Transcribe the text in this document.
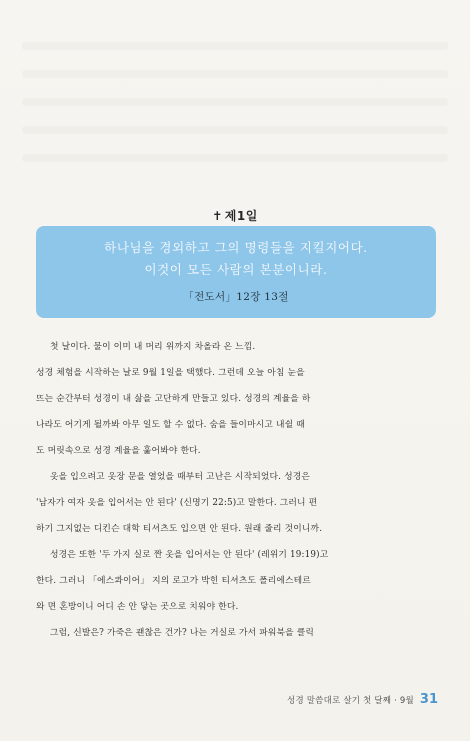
✝ 제1일
하나님을 경외하고 그의 명령들을 지킬지어다.
이것이 모든 사람의 본분이니라.
「전도서」12장 13절
첫 날이다. 물이 이미 내 머리 위까지 차올라 온 느낌.
성경 체험을 시작하는 날로 9월 1일을 택했다. 그런데 오늘 아침 눈을
뜨는 순간부터 성경이 내 삶을 고단하게 만들고 있다. 성경의 계율을 하
나라도 어기게 될까봐 아무 일도 할 수 없다. 숨을 들이마시고 내쉴 때
도 머릿속으로 성경 계율을 훑어봐야 한다.
옷을 입으려고 옷장 문을 열었을 때부터 고난은 시작되었다. 성경은
'남자가 여자 옷을 입어서는 안 된다' (신명기 22:5)고 말한다. 그러니 편
하기 그지없는 디킨슨 대학 티셔츠도 입으면 안 된다. 원래 줄리 것이니까.
성경은 또한 '두 가지 실로 짠 옷을 입어서는 안 된다' (레위기 19:19)고
한다. 그러니 「에스콰이어」 지의 로고가 박힌 티셔츠도 폴리에스테르
와 면 혼방이니 어디 손 안 닿는 곳으로 치워야 한다.
그럼, 신발은? 가죽은 괜찮은 건가? 나는 거실로 가서 파워북을 클릭
성경 말씀대로 살기 첫 달째 · 9월 31
